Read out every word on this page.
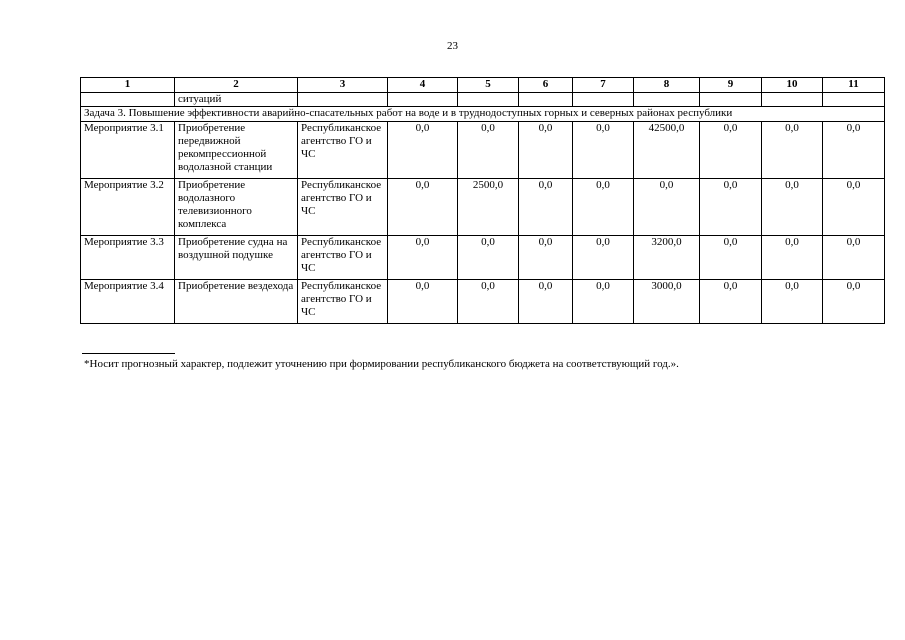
23
1	2	3	4	5	6	7	8	9	10	11
	ситуаций									
Задача 3. Повышение эффективности аварийно-спасательных работ на воде и в труднодоступных горных и северных районах республики										
Мероприятие 3.1	Приобретение передвижной рекомпрессионной водолазной станции	Республиканское агентство ГО и ЧС	0,0	0,0	0,0	0,0	42500,0	0,0	0,0	0,0
Мероприятие 3.2	Приобретение водолазного телевизионного комплекса	Республиканское агентство ГО и ЧС	0,0	2500,0	0,0	0,0	0,0	0,0	0,0	0,0
Мероприятие 3.3	Приобретение судна на воздушной подушке	Республиканское агентство ГО и ЧС	0,0	0,0	0,0	0,0	3200,0	0,0	0,0	0,0
Мероприятие 3.4	Приобретение вездехода	Республиканское агентство ГО и ЧС	0,0	0,0	0,0	0,0	3000,0	0,0	0,0	0,0
*Носит прогнозный характер, подлежит уточнению при формировании республиканского бюджета на соответствующий год.».
